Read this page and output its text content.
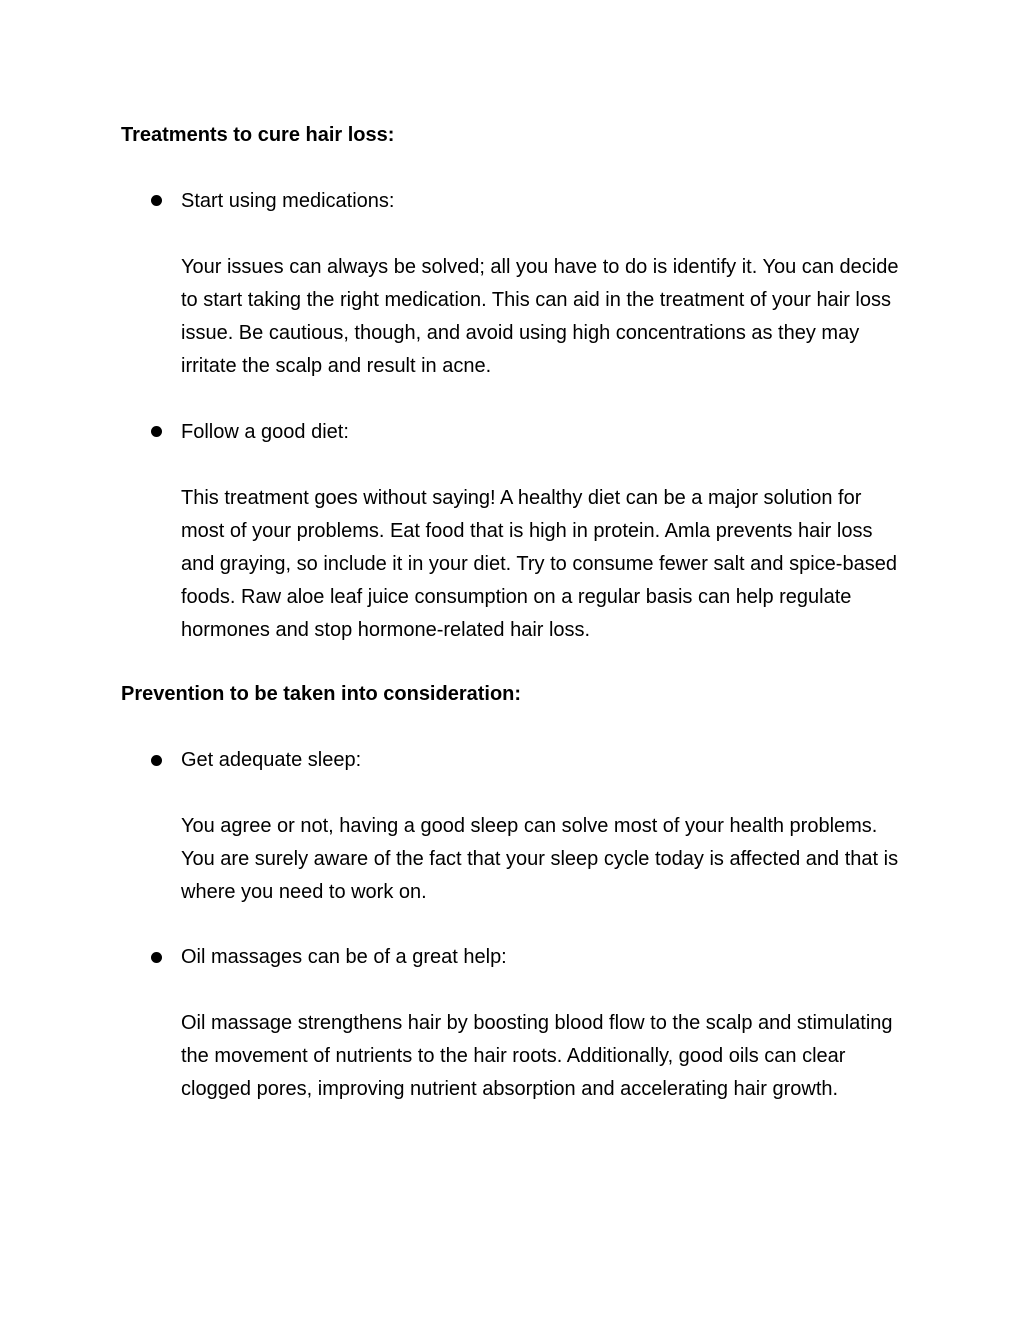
Treatments to cure hair loss:

Start using medications:

Your issues can always be solved; all you have to do is identify it. You can decide to start taking the right medication. This can aid in the treatment of your hair loss issue. Be cautious, though, and avoid using high concentrations as they may irritate the scalp and result in acne.

Follow a good diet:

This treatment goes without saying! A healthy diet can be a major solution for most of your problems. Eat food that is high in protein. Amla prevents hair loss and graying, so include it in your diet. Try to consume fewer salt and spice-based foods. Raw aloe leaf juice consumption on a regular basis can help regulate hormones and stop hormone-related hair loss.

Prevention to be taken into consideration:

Get adequate sleep:

You agree or not, having a good sleep can solve most of your health problems. You are surely aware of the fact that your sleep cycle today is affected and that is where you need to work on.

Oil massages can be of a great help:

Oil massage strengthens hair by boosting blood flow to the scalp and stimulating the movement of nutrients to the hair roots. Additionally, good oils can clear clogged pores, improving nutrient absorption and accelerating hair growth.
